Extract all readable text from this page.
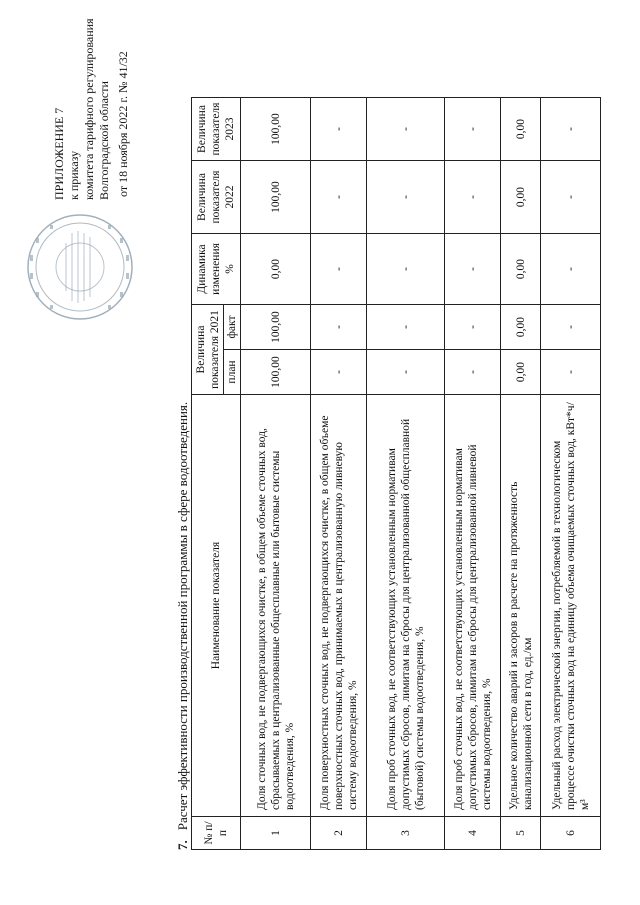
ПРИЛОЖЕНИЕ 7 к приказу комитета тарифного регулирования Волгоградской области от 18 ноября 2022 г. № 41/32
7.Расчет эффективности производственной программы в сфере водоотведения.
№ п/п	Наименование показателя	Величина показателя 2021		Динамика изменения %	Величина показателя 2022	Величина показателя 2023
		план	факт			
1	Доля сточных вод, не подвергающихся очистке, в общем объеме сточных вод, сбрасываемых в централизованные общесплавные или бытовые системы водоотведения, %	100,00	100,00	0,00	100,00	100,00
2	Доля поверхностных сточных вод, не подвергающихся очистке, в общем объеме поверхностных сточных вод, принимаемых в централизованную ливневую систему водоотведения, %	-	-	-	-	-
3	Доля проб сточных вод, не соответствующих установленным нормативам допустимых сбросов, лимитам на сбросы для централизованной общесплавной (бытовой) системы водоотведения, %	-	-	-	-	-
4	Доля проб сточных вод, не соответствующих установленным нормативам допустимых сбросов, лимитам на сбросы для централизованной ливневой системы водоотведения, %	-	-	-	-	-
5	Удельное количество аварий и засоров в расчете на протяженность канализационной сети в год, ед./км	0,00	0,00	0,00	0,00	0,00
6	Удельный расход электрической энергии, потребляемой в технологическом процессе очистки сточных вод на единицу объема очищаемых сточных вод, кВт*ч/м³	-	-	-	-	-
